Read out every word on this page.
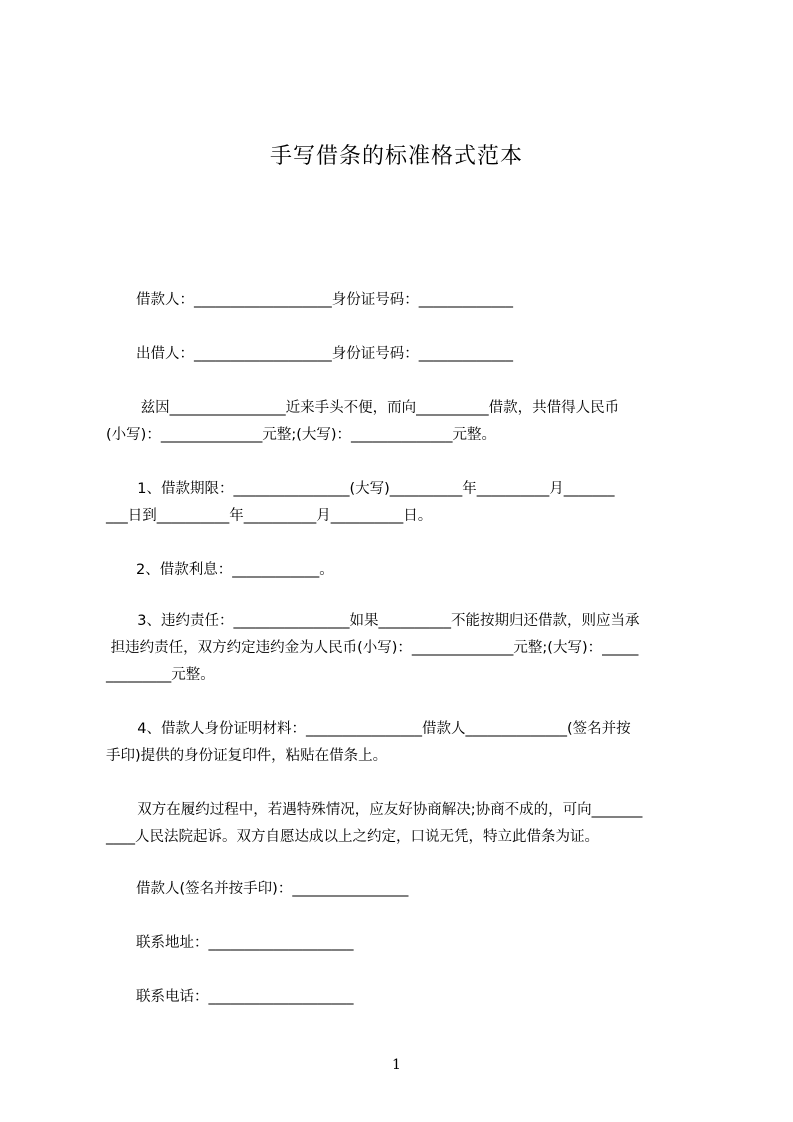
手写借条的标准格式范本
借款人：___________________身份证号码：_____________
出借人：___________________身份证号码：_____________
兹因________________近来手头不便，而向__________借款，共借得人民币
(小写)：______________元整;(大写)：______________元整。
1、借款期限：________________(大写)__________年__________月_______
___日到__________年__________月__________日。
2、借款利息：____________。
3、违约责任：________________如果__________不能按期归还借款，则应当承
担违约责任，双方约定违约金为人民币(小写)：______________元整;(大写)：_____
_________元整。
4、借款人身份证明材料：________________借款人______________(签名并按
手印)提供的身份证复印件，粘贴在借条上。
双方在履约过程中，若遇特殊情况，应友好协商解决;协商不成的，可向_______
____人民法院起诉。双方自愿达成以上之约定，口说无凭，特立此借条为证。
借款人(签名并按手印)：________________
联系地址：____________________
联系电话：____________________
1
